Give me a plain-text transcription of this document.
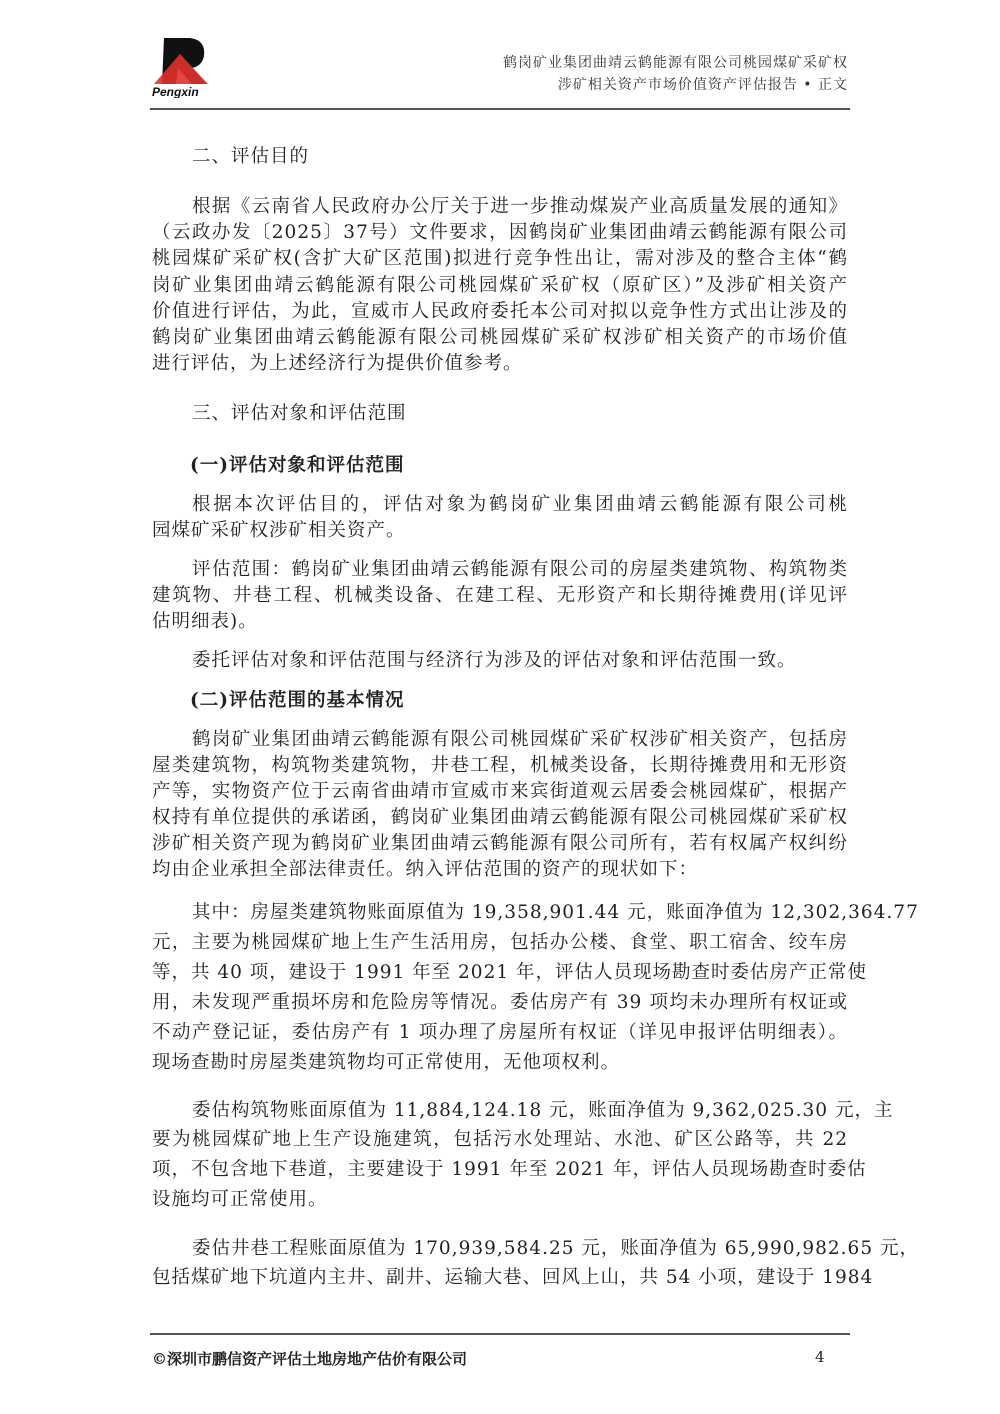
Pengxin
鹤岗矿业集团曲靖云鹤能源有限公司桃园煤矿采矿权
涉矿相关资产市场价值资产评估报告 • 正文
二、评估目的
根据《云南省人民政府办公厅关于进一步推动煤炭产业高质量发展的通知》
（云政办发〔2025〕37号）文件要求，因鹤岗矿业集团曲靖云鹤能源有限公司
桃园煤矿采矿权(含扩大矿区范围)拟进行竞争性出让，需对涉及的整合主体“鹤
岗矿业集团曲靖云鹤能源有限公司桃园煤矿采矿权（原矿区）”及涉矿相关资产
价值进行评估，为此，宣威市人民政府委托本公司对拟以竞争性方式出让涉及的
鹤岗矿业集团曲靖云鹤能源有限公司桃园煤矿采矿权涉矿相关资产的市场价值
进行评估，为上述经济行为提供价值参考。
三、评估对象和评估范围
(一)评估对象和评估范围
根据本次评估目的，评估对象为鹤岗矿业集团曲靖云鹤能源有限公司桃
园煤矿采矿权涉矿相关资产。
评估范围：鹤岗矿业集团曲靖云鹤能源有限公司的房屋类建筑物、构筑物类
建筑物、井巷工程、机械类设备、在建工程、无形资产和长期待摊费用(详见评
估明细表)。
委托评估对象和评估范围与经济行为涉及的评估对象和评估范围一致。
(二)评估范围的基本情况
鹤岗矿业集团曲靖云鹤能源有限公司桃园煤矿采矿权涉矿相关资产，包括房
屋类建筑物，构筑物类建筑物，井巷工程，机械类设备，长期待摊费用和无形资
产等，实物资产位于云南省曲靖市宣威市来宾街道观云居委会桃园煤矿，根据产
权持有单位提供的承诺函，鹤岗矿业集团曲靖云鹤能源有限公司桃园煤矿采矿权
涉矿相关资产现为鹤岗矿业集团曲靖云鹤能源有限公司所有，若有权属产权纠纷
均由企业承担全部法律责任。纳入评估范围的资产的现状如下：
其中：房屋类建筑物账面原值为 19,358,901.44 元，账面净值为 12,302,364.77
元，主要为桃园煤矿地上生产生活用房，包括办公楼、食堂、职工宿舍、绞车房
等，共 40 项，建设于 1991 年至 2021 年，评估人员现场勘查时委估房产正常使
用，未发现严重损坏房和危险房等情况。委估房产有 39 项均未办理所有权证或
不动产登记证，委估房产有 1 项办理了房屋所有权证（详见申报评估明细表）。
现场查勘时房屋类建筑物均可正常使用，无他项权利。
委估构筑物账面原值为 11,884,124.18 元，账面净值为 9,362,025.30 元，主
要为桃园煤矿地上生产设施建筑，包括污水处理站、水池、矿区公路等，共 22
项，不包含地下巷道，主要建设于 1991 年至 2021 年，评估人员现场勘查时委估
设施均可正常使用。
委估井巷工程账面原值为 170,939,584.25 元，账面净值为 65,990,982.65 元，
包括煤矿地下坑道内主井、副井、运输大巷、回风上山，共 54 小项，建设于 1984
©深圳市鹏信资产评估土地房地产估价有限公司	4
